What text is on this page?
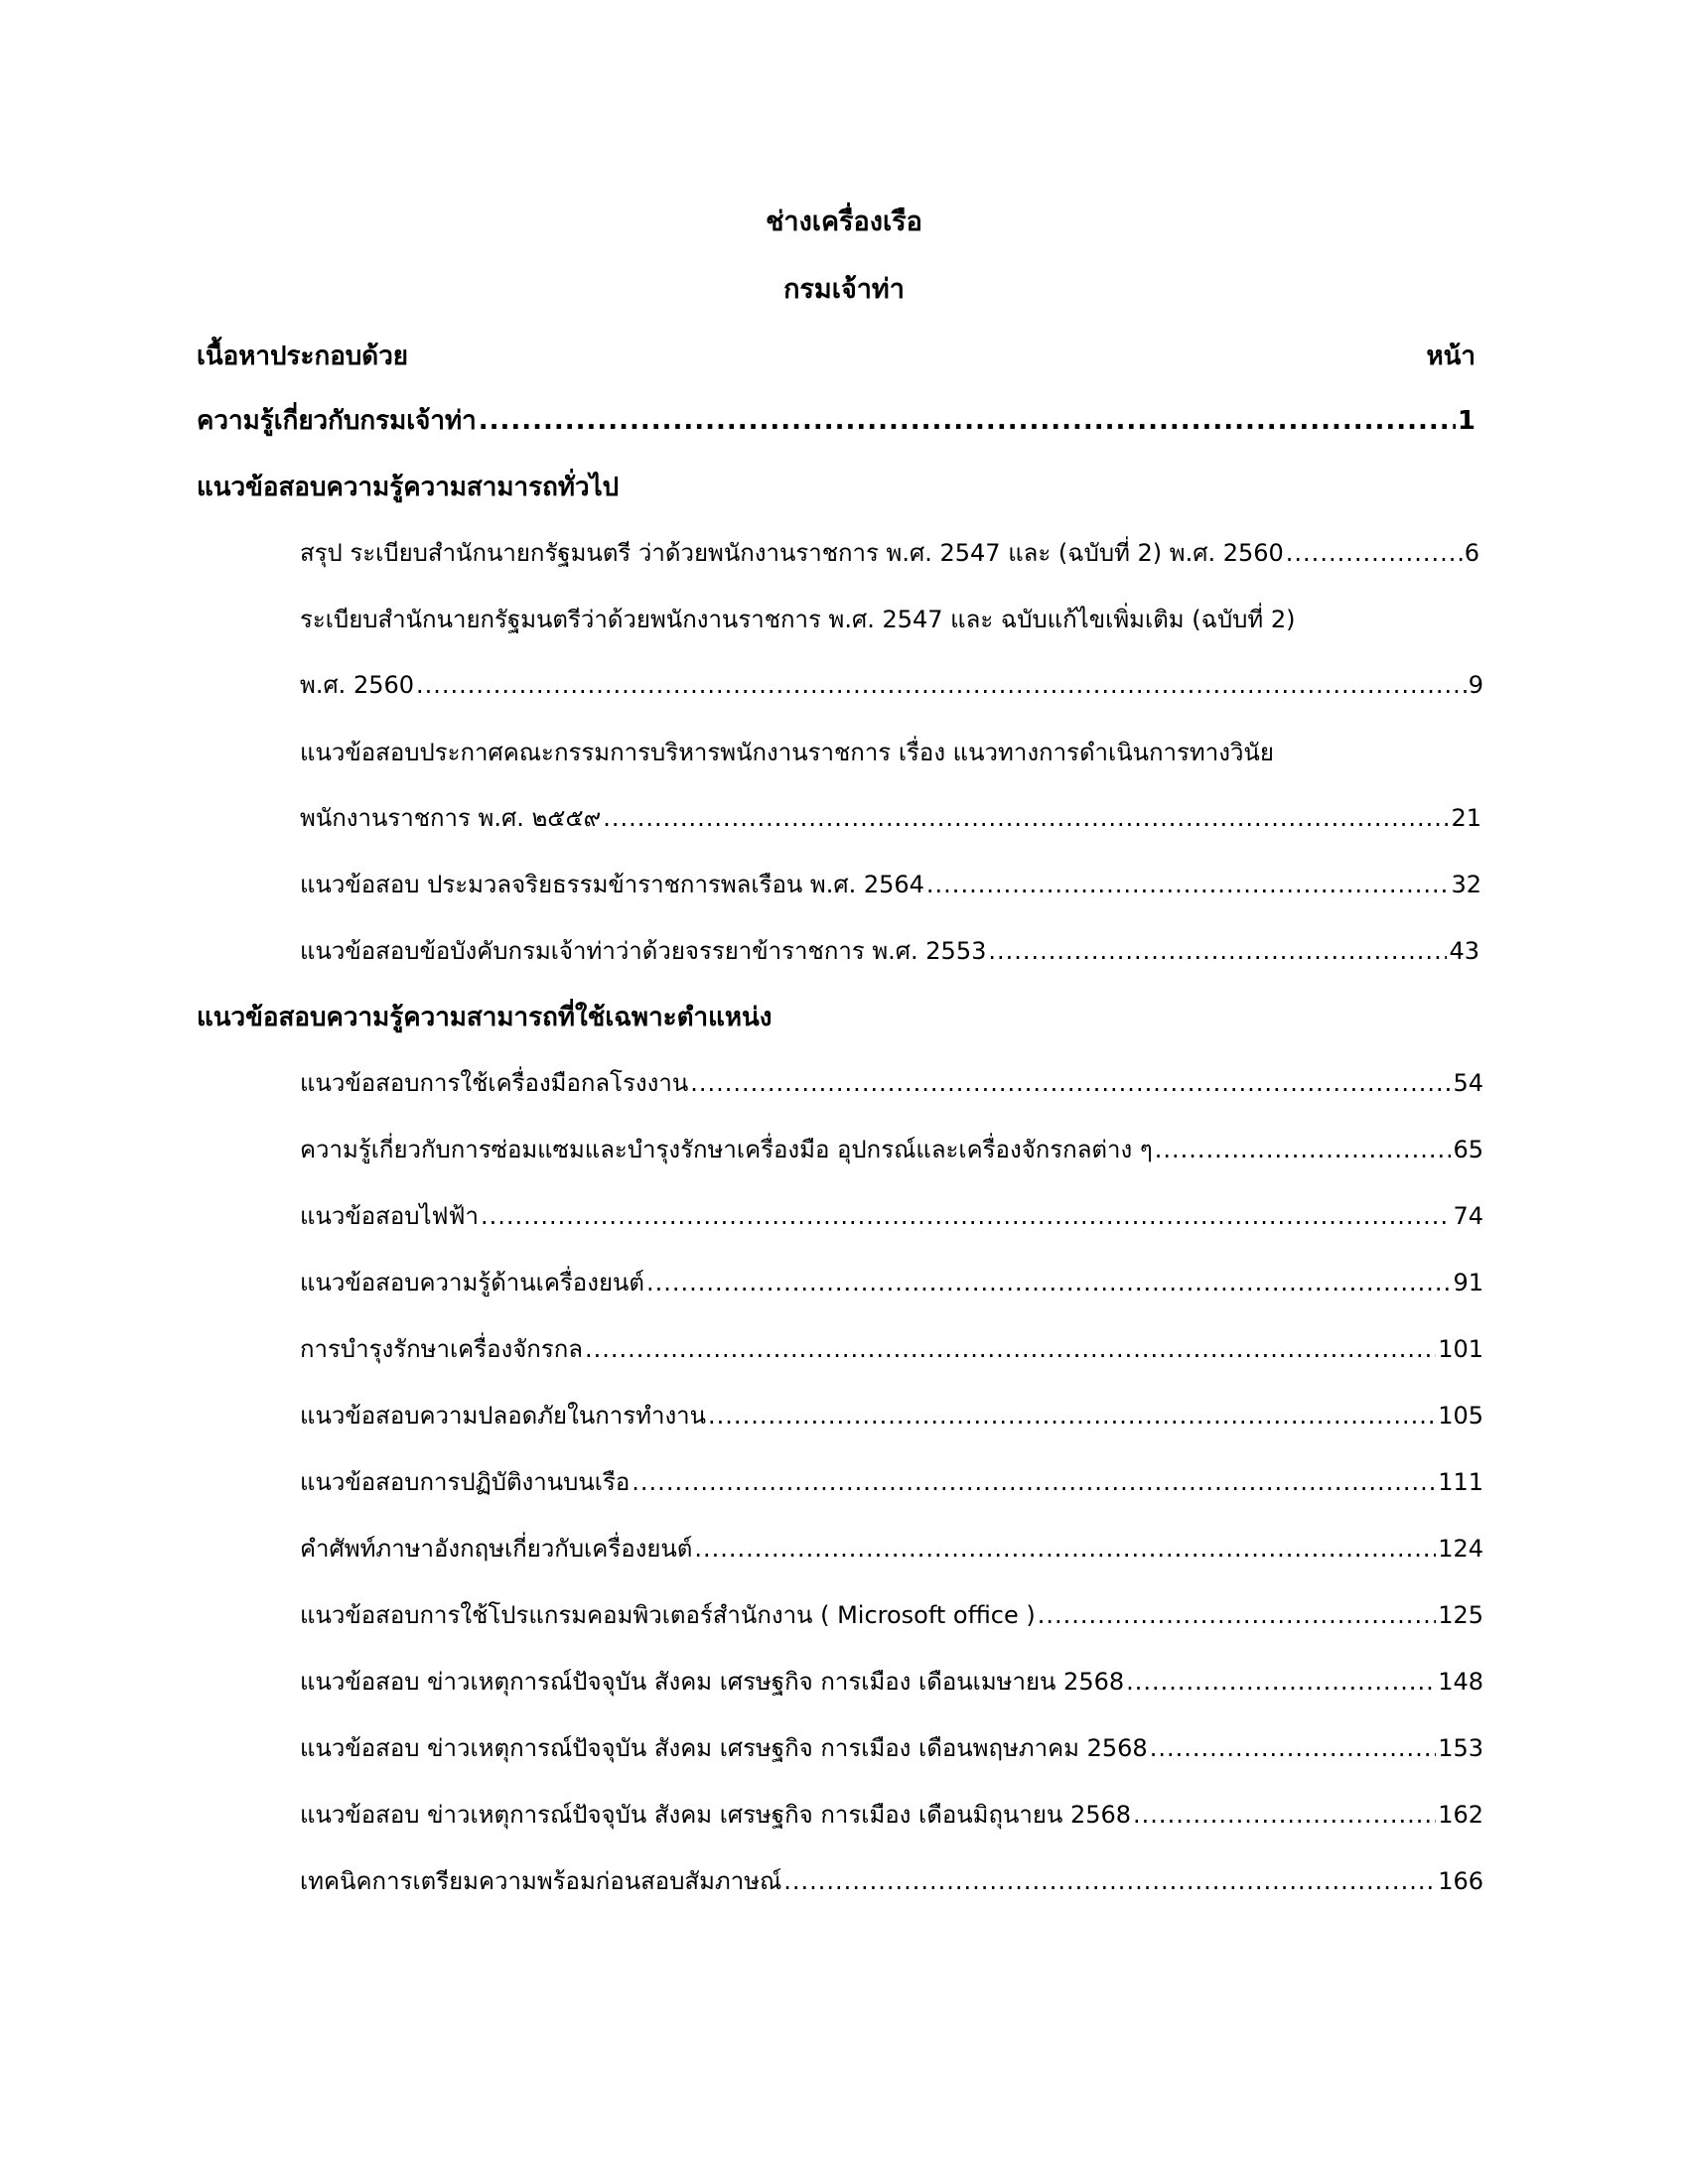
ช่างเครื่องเรือ
กรมเจ้าท่า
เนื้อหาประกอบด้วย	หน้า
ความรู้เกี่ยวกับกรมเจ้าท่า .....	1
แนวข้อสอบความรู้ความสามารถทั่วไป
สรุป ระเบียบสำนักนายกรัฐมนตรี ว่าด้วยพนักงานราชการ พ.ศ. 2547 และ (ฉบับที่ 2) พ.ศ. 2560 .....	6
ระเบียบสำนักนายกรัฐมนตรีว่าด้วยพนักงานราชการ พ.ศ. 2547 และ ฉบับแก้ไขเพิ่มเติม (ฉบับที่ 2)
พ.ศ. 2560 .....	9
แนวข้อสอบประกาศคณะกรรมการบริหารพนักงานราชการ เรื่อง แนวทางการดำเนินการทางวินัย
พนักงานราชการ พ.ศ. ๒๕๕๙ .....	21
แนวข้อสอบ ประมวลจริยธรรมข้าราชการพลเรือน พ.ศ. 2564 .....	32
แนวข้อสอบข้อบังคับกรมเจ้าท่าว่าด้วยจรรยาข้าราชการ พ.ศ. 2553 .....	43
แนวข้อสอบความรู้ความสามารถที่ใช้เฉพาะตำแหน่ง
แนวข้อสอบการใช้เครื่องมือกลโรงงาน .....	54
ความรู้เกี่ยวกับการซ่อมแซมและบำรุงรักษาเครื่องมือ อุปกรณ์และเครื่องจักรกลต่าง ๆ .....	65
แนวข้อสอบไฟฟ้า .....	74
แนวข้อสอบความรู้ด้านเครื่องยนต์ .....	91
การบำรุงรักษาเครื่องจักรกล .....	101
แนวข้อสอบความปลอดภัยในการทำงาน .....	105
แนวข้อสอบการปฏิบัติงานบนเรือ .....	111
คำศัพท์ภาษาอังกฤษเกี่ยวกับเครื่องยนต์ .....	124
แนวข้อสอบการใช้โปรแกรมคอมพิวเตอร์สำนักงาน ( Microsoft office ) .....	125
แนวข้อสอบ ข่าวเหตุการณ์ปัจจุบัน สังคม เศรษฐกิจ การเมือง เดือนเมษายน 2568 .....	148
แนวข้อสอบ ข่าวเหตุการณ์ปัจจุบัน สังคม เศรษฐกิจ การเมือง เดือนพฤษภาคม 2568 .....	153
แนวข้อสอบ ข่าวเหตุการณ์ปัจจุบัน สังคม เศรษฐกิจ การเมือง เดือนมิถุนายน 2568 .....	162
เทคนิคการเตรียมความพร้อมก่อนสอบสัมภาษณ์ .....	166
